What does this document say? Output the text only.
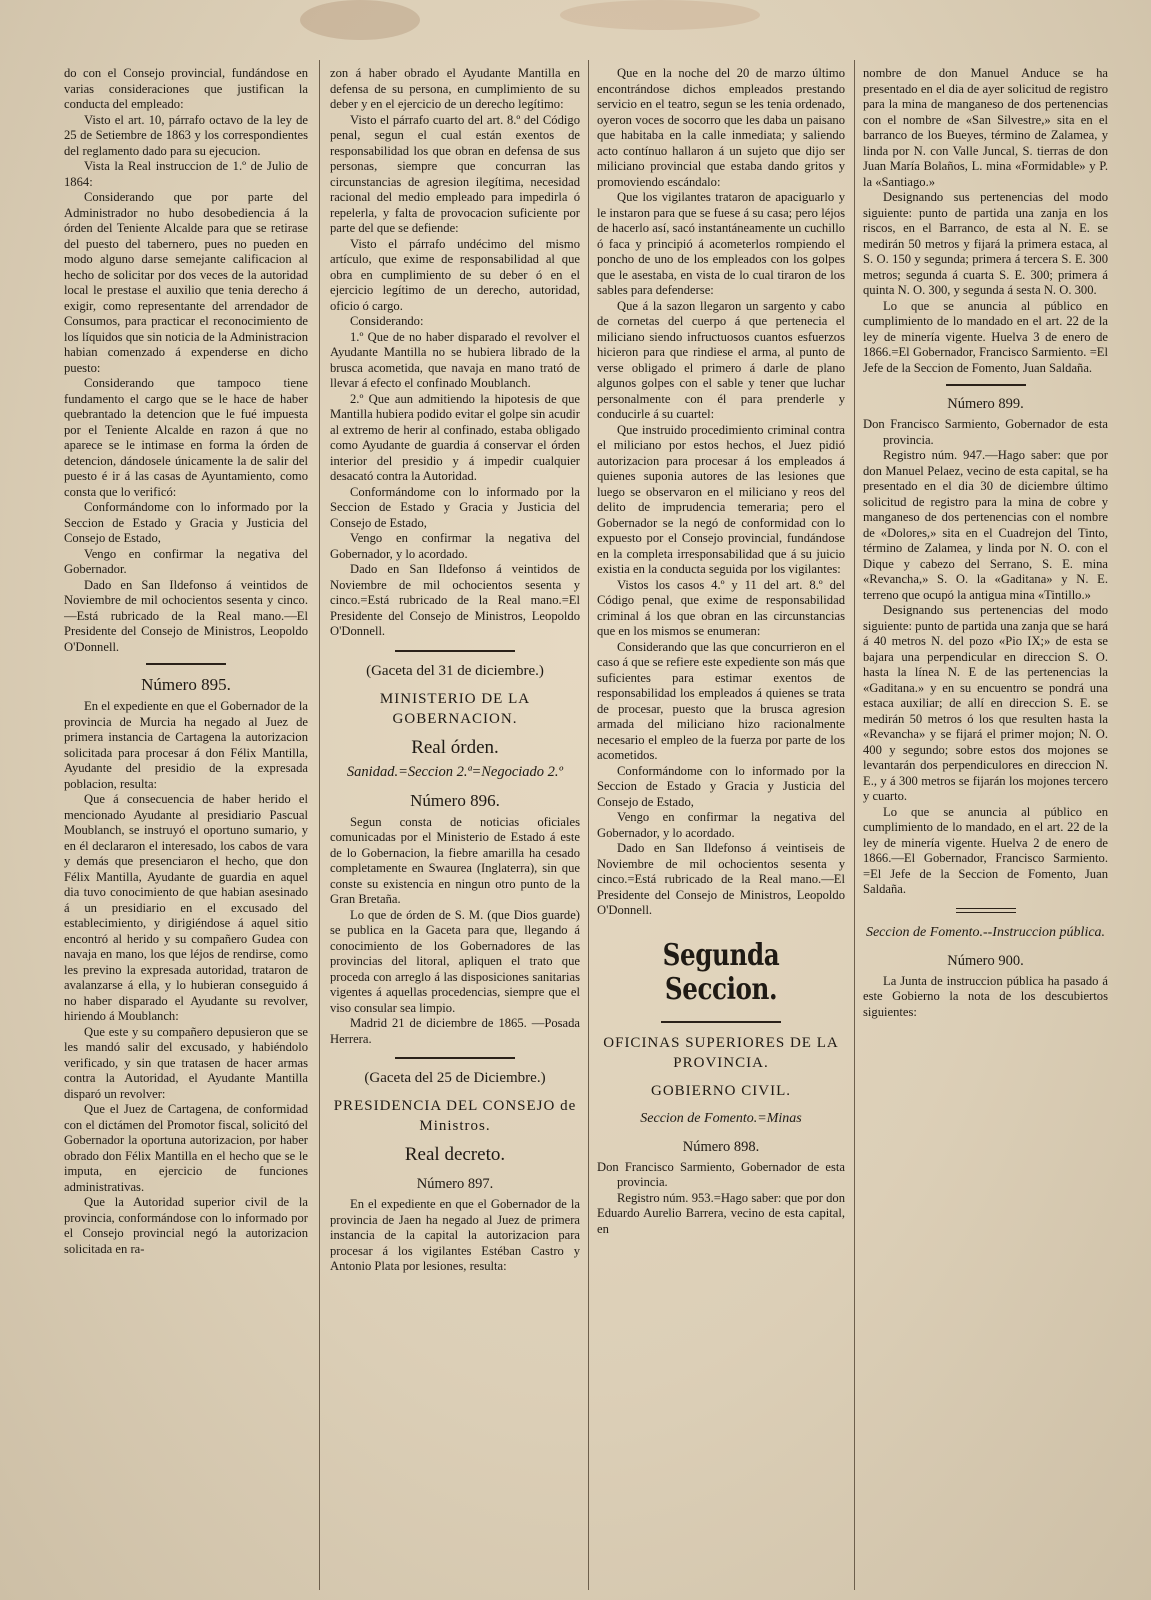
do con el Consejo provincial, fundándose en varias consideraciones que justifican la conducta del empleado:

Visto el art. 10, párrafo octavo de la ley de 25 de Setiembre de 1863 y los correspondientes del reglamento dado para su ejecucion.

Vista la Real instruccion de 1.º de Julio de 1864:

Considerando que por parte del Administrador no hubo desobediencia á la órden del Teniente Alcalde para que se retirase del puesto del tabernero, pues no pueden en modo alguno darse semejante calificacion al hecho de solicitar por dos veces de la autoridad local le prestase el auxilio que tenia derecho á exigir, como representante del arrendador de Consumos, para practicar el reconocimiento de los líquidos que sin noticia de la Administracion habian comenzado á expenderse en dicho puesto:

Considerando que tampoco tiene fundamento el cargo que se le hace de haber quebrantado la detencion que le fué impuesta por el Teniente Alcalde en razon á que no aparece se le intimase en forma la órden de detencion, dándosele únicamente la de salir del puesto é ir á las casas de Ayuntamiento, como consta que lo verificó:

Conformándome con lo informado por la Seccion de Estado y Gracia y Justicia del Consejo de Estado,

Vengo en confirmar la negativa del Gobernador.

Dado en San Ildefonso á veintidos de Noviembre de mil ochocientos sesenta y cinco.—Está rubricado de la Real mano.—El Presidente del Consejo de Ministros, Leopoldo O'Donnell.

Número 895.

En el expediente en que el Gobernador de la provincia de Murcia ha negado al Juez de primera instancia de Cartagena la autorizacion solicitada para procesar á don Félix Mantilla, Ayudante del presidio de la expresada poblacion, resulta:

Que á consecuencia de haber herido el mencionado Ayudante al presidiario Pascual Moublanch, se instruyó el oportuno sumario, y en él declararon el interesado, los cabos de vara y demás que presenciaron el hecho, que don Félix Mantilla, Ayudante de guardia en aquel dia tuvo conocimiento de que habian asesinado á un presidiario en el excusado del establecimiento, y dirigiéndose á aquel sitio encontró al herido y su compañero Gudea con navaja en mano, los que léjos de rendirse, como les previno la expresada autoridad, trataron de avalanzarse á ella, y lo hubieran conseguido á no haber disparado el Ayudante su revolver, hiriendo á Moublanch:

Que este y su compañero depusieron que se les mandó salir del excusado, y habiéndolo verificado, y sin que tratasen de hacer armas contra la Autoridad, el Ayudante Mantilla disparó un revolver:

Que el Juez de Cartagena, de conformidad con el dictámen del Promotor fiscal, solicitó del Gobernador la oportuna autorizacion, por haber obrado don Félix Mantilla en el hecho que se le imputa, en ejercicio de funciones administrativas.

Que la Autoridad superior civil de la provincia, conformándose con lo informado por el Consejo provincial negó la autorizacion solicitada en ra-

zon á haber obrado el Ayudante Mantilla en defensa de su persona, en cumplimiento de su deber y en el ejercicio de un derecho legítimo:

Visto el párrafo cuarto del art. 8.º del Código penal, segun el cual están exentos de responsabilidad los que obran en defensa de sus personas, siempre que concurran las circunstancias de agresion ilegítima, necesidad racional del medio empleado para impedirla ó repelerla, y falta de provocacion suficiente por parte del que se defiende:

Visto el párrafo undécimo del mismo artículo, que exime de responsabilidad al que obra en cumplimiento de su deber ó en el ejercicio legítimo de un derecho, autoridad, oficio ó cargo.

Considerando:

1.º Que de no haber disparado el revolver el Ayudante Mantilla no se hubiera librado de la brusca acometida, que navaja en mano trató de llevar á efecto el confinado Moublanch.

2.º Que aun admitiendo la hipotesis de que Mantilla hubiera podido evitar el golpe sin acudir al extremo de herir al confinado, estaba obligado como Ayudante de guardia á conservar el órden interior del presidio y á impedir cualquier desacató contra la Autoridad.

Conformándome con lo informado por la Seccion de Estado y Gracia y Justicia del Consejo de Estado,

Vengo en confirmar la negativa del Gobernador, y lo acordado.

Dado en San Ildefonso á veintidos de Noviembre de mil ochocientos sesenta y cinco.=Está rubricado de la Real mano.=El Presidente del Consejo de Ministros, Leopoldo O'Donnell.

(Gaceta del 31 de diciembre.)
MINISTERIO DE LA GOBERNACION.
Real órden.
Sanidad.=Seccion 2.ª=Negociado 2.º
Número 896.

Segun consta de noticias oficiales comunicadas por el Ministerio de Estado á este de lo Gobernacion, la fiebre amarilla ha cesado completamente en Swaurea (Inglaterra), sin que conste su existencia en ningun otro punto de la Gran Bretaña.

Lo que de órden de S. M. (que Dios guarde) se publica en la Gaceta para que, llegando á conocimiento de los Gobernadores de las provincias del litoral, apliquen el trato que proceda con arreglo á las disposiciones sanitarias vigentes á aquellas procedencias, siempre que el viso consular sea limpio.

Madrid 21 de diciembre de 1865. —Posada Herrera.

(Gaceta del 25 de Diciembre.)
PRESIDENCIA DEL CONSEJO de Ministros.
Real decreto.
Número 897.

En el expediente en que el Gobernador de la provincia de Jaen ha negado al Juez de primera instancia de la capital la autorizacion para procesar á los vigilantes Estéban Castro y Antonio Plata por lesiones, resulta:

Que en la noche del 20 de marzo último encontrándose dichos empleados prestando servicio en el teatro, segun se les tenia ordenado, oyeron voces de socorro que les daba un paisano que habitaba en la calle inmediata; y saliendo acto contínuo hallaron á un sujeto que dijo ser miliciano provincial que estaba dando gritos y promoviendo escándalo:

Que los vigilantes trataron de apaciguarlo y le instaron para que se fuese á su casa; pero léjos de hacerlo así, sacó instantáneamente un cuchillo ó faca y principió á acometerlos rompiendo el poncho de uno de los empleados con los golpes que le asestaba, en vista de lo cual tiraron de los sables para defenderse:

Que á la sazon llegaron un sargento y cabo de cornetas del cuerpo á que pertenecia el miliciano siendo infructuosos cuantos esfuerzos hicieron para que rindiese el arma, al punto de verse obligado el primero á darle de plano algunos golpes con el sable y tener que luchar personalmente con él para prenderle y conducirle á su cuartel:

Que instruido procedimiento criminal contra el miliciano por estos hechos, el Juez pidió autorizacion para procesar á los empleados á quienes suponia autores de las lesiones que luego se observaron en el miliciano y reos del delito de imprudencia temeraria; pero el Gobernador se la negó de conformidad con lo expuesto por el Consejo provincial, fundándose en la completa irresponsabilidad que á su juicio existia en la conducta seguida por los vigilantes:

Vistos los casos 4.º y 11 del art. 8.º del Código penal, que exime de responsabilidad criminal á los que obran en las circunstancias que en los mismos se enumeran:

Considerando que las que concurrieron en el caso á que se refiere este expediente son más que suficientes para estimar exentos de responsabilidad los empleados á quienes se trata de procesar, puesto que la brusca agresion armada del miliciano hizo racionalmente necesario el empleo de la fuerza por parte de los acometidos.

Conformándome con lo informado por la Seccion de Estado y Gracia y Justicia del Consejo de Estado,

Vengo en confirmar la negativa del Gobernador, y lo acordado.

Dado en San Ildefonso á veintiseis de Noviembre de mil ochocientos sesenta y cinco.=Está rubricado de la Real mano.—El Presidente del Consejo de Ministros, Leopoldo O'Donnell.

Segunda Seccion.
OFICINAS SUPERIORES DE LA PROVINCIA.
GOBIERNO CIVIL.
Seccion de Fomento.=Minas
Número 898.

Don Francisco Sarmiento, Gobernador de esta provincia.

Registro núm. 953.=Hago saber: que por don Eduardo Aurelio Barrera, vecino de esta capital, en

nombre de don Manuel Anduce se ha presentado en el dia de ayer solicitud de registro para la mina de manganeso de dos pertenencias con el nombre de «San Silvestre,» sita en el barranco de los Bueyes, término de Zalamea, y linda por N. con Valle Juncal, S. tierras de don Juan María Bolaños, L. mina «Formidable» y P. la «Santiago.»

Designando sus pertenencias del modo siguiente: punto de partida una zanja en los riscos, en el Barranco, de esta al N. E. se medirán 50 metros y fijará la primera estaca, al S. O. 150 y segunda; primera á tercera S. E. 300 metros; segunda á cuarta S. E. 300; primera á quinta N. O. 300, y segunda á sesta N. O. 300.

Lo que se anuncia al público en cumplimiento de lo mandado en el art. 22 de la ley de minería vigente. Huelva 3 de enero de 1866.=El Gobernador, Francisco Sarmiento. =El Jefe de la Seccion de Fomento, Juan Saldaña.

Número 899.

Don Francisco Sarmiento, Gobernador de esta provincia.

Registro núm. 947.—Hago saber: que por don Manuel Pelaez, vecino de esta capital, se ha presentado en el dia 30 de diciembre último solicitud de registro para la mina de cobre y manganeso de dos pertenencias con el nombre de «Dolores,» sita en el Cuadrejon del Tinto, término de Zalamea, y linda por N. O. con el Dique y cabezo del Serrano, S. E. mina «Revancha,» S. O. la «Gaditana» y N. E. terreno que ocupó la antigua mina «Tintillo.»

Designando sus pertenencias del modo siguiente: punto de partida una zanja que se hará á 40 metros N. del pozo «Pio IX;» de esta se bajara una perpendicular en direccion S. O. hasta la línea N. E de las pertenencias la «Gaditana.» y en su encuentro se pondrá una estaca auxiliar; de allí en direccion S. E. se medirán 50 metros ó los que resulten hasta la «Revancha» y se fijará el primer mojon; N. O. 400 y segundo; sobre estos dos mojones se levantarán dos perpendiculores en direccion N. E., y á 300 metros se fijarán los mojones tercero y cuarto.

Lo que se anuncia al público en cumplimiento de lo mandado, en el art. 22 de la ley de minería vigente. Huelva 2 de enero de 1866.—El Gobernador, Francisco Sarmiento. =El Jefe de la Seccion de Fomento, Juan Saldaña.

Seccion de Fomento.--Instruccion pública.
Número 900.

La Junta de instruccion pública ha pasado á este Gobierno la nota de los descubiertos siguientes:
